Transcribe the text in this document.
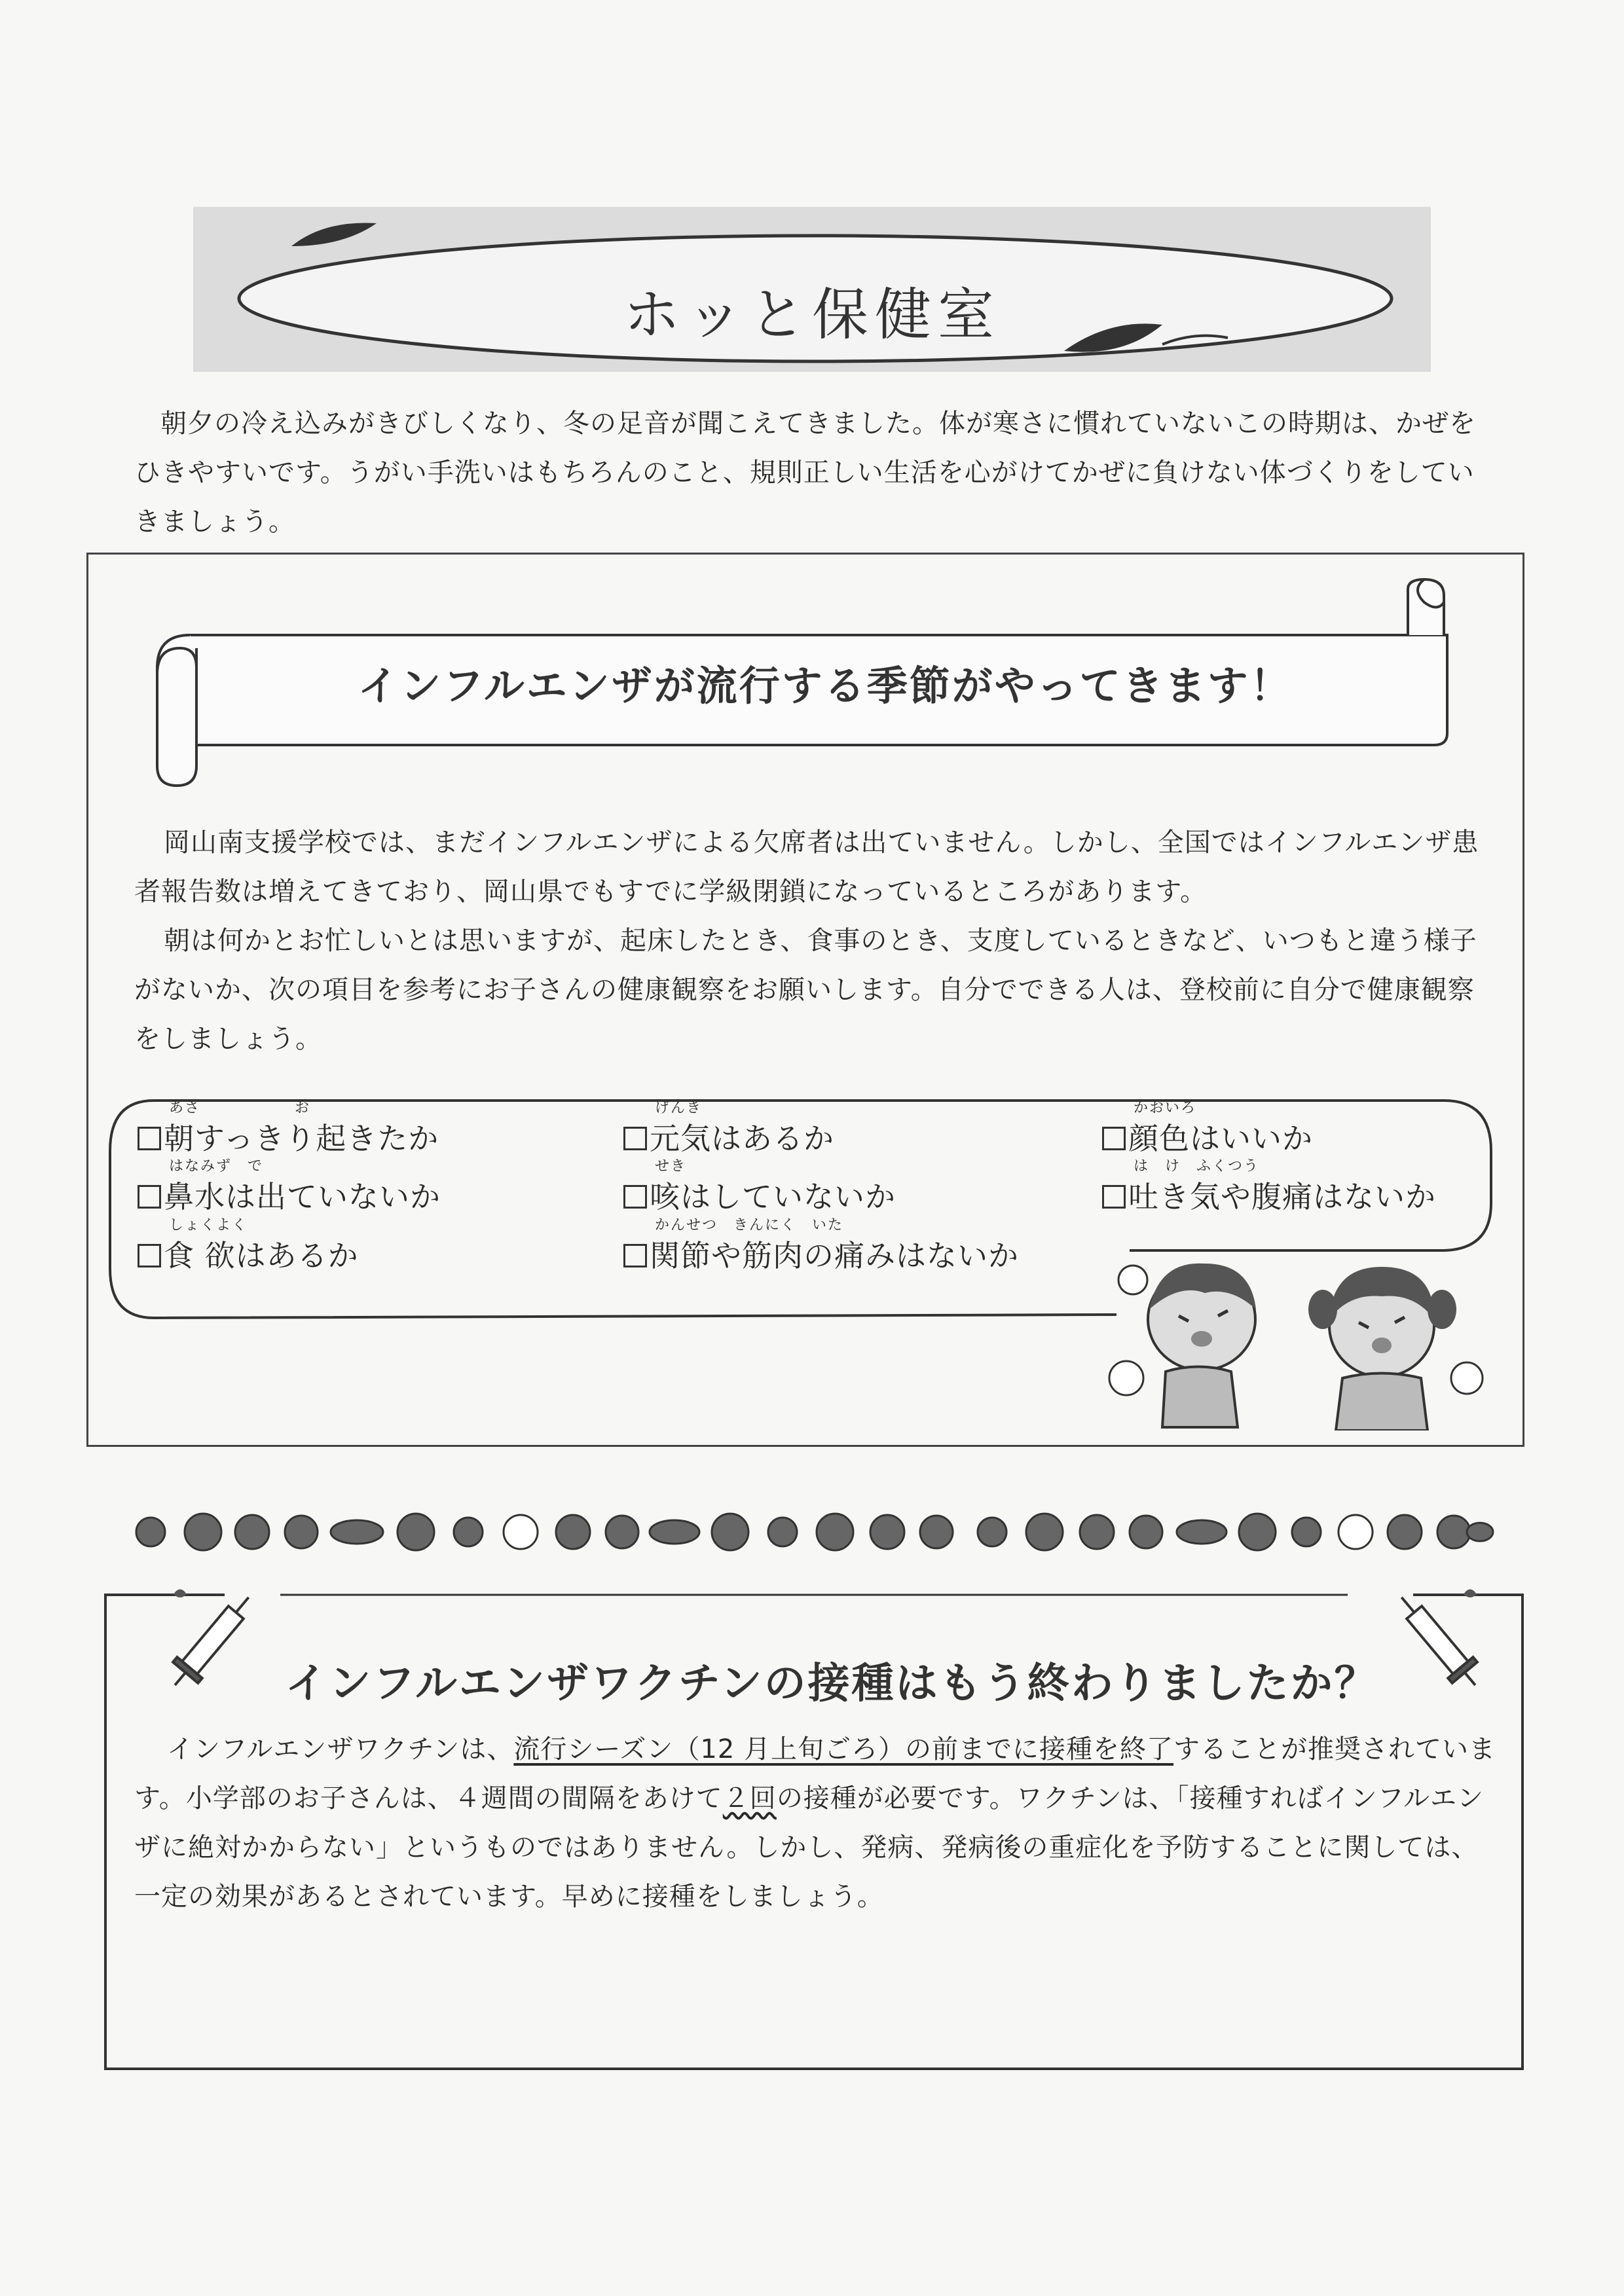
ホッと保健室

朝夕の冷え込みがきびしくなり、冬の足音が聞こえてきました。体が寒さに慣れていないこの時期は、かぜをひきやすいです。うがい手洗いはもちろんのこと、規則正しい生活を心がけてかぜに負けない体づくりをしていきましょう。

インフルエンザが流行する季節がやってきます！

岡山南支援学校では、まだインフルエンザによる欠席者は出ていません。しかし、全国ではインフルエンザ患者報告数は増えてきており、岡山県でもすでに学級閉鎖になっているところがあります。

朝は何かとお忙しいとは思いますが、起床したとき、食事のとき、支度しているときなど、いつもと違う様子がないか、次の項目を参考にお子さんの健康観察をお願いします。自分でできる人は、登校前に自分で健康観察をしましょう。

朝すっきり起きたか
あさ　　　　　　お
元気はあるか
げんき
顔色はいいか
かおいろ
鼻水は出ていないか
はなみず　で
咳はしていないか
せき
吐き気や腹痛はないか
は　け　ふくつう
食 欲はあるか
しょくよく
関節や筋肉の痛みはないか
かんせつ　きんにく　いた
インフルエンザワクチンの接種はもう終わりましたか？

インフルエンザワクチンは、流行シーズン（12 月上旬ごろ）の前までに接種を終了することが推奨されています。小学部のお子さんは、４週間の間隔をあけて２回の接種が必要です。ワクチンは、「接種すればインフルエンザに絶対かからない」というものではありません。しかし、発病、発病後の重症化を予防することに関しては、一定の効果があるとされています。早めに接種をしましょう。
